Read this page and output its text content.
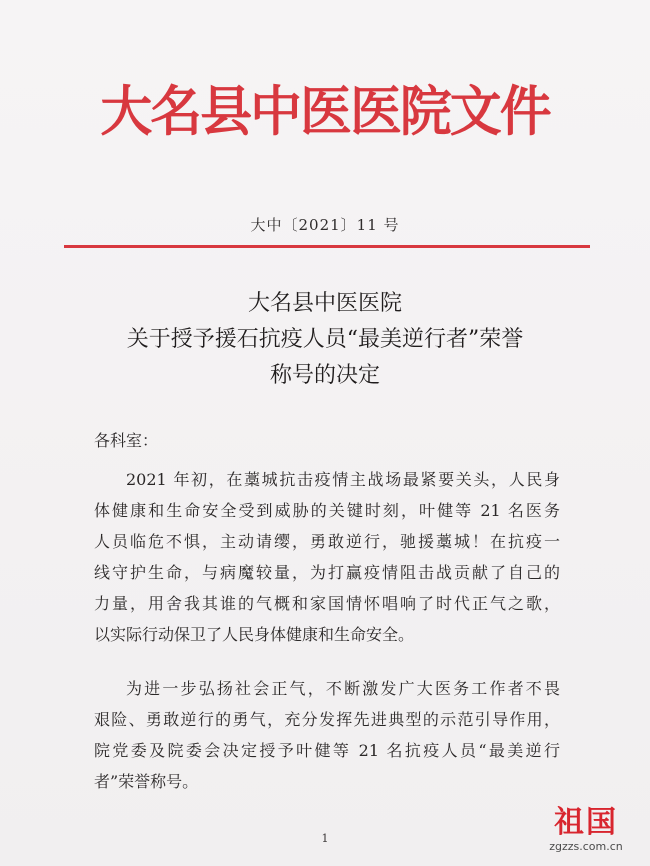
大名县中医医院文件
大中〔2021〕11 号
大名县中医医院
关于授予援石抗疫人员“最美逆行者”荣誉
称号的决定
各科室：
2021 年初，在藁城抗击疫情主战场最紧要关头，人民身
体健康和生命安全受到威胁的关键时刻，叶健等 21 名医务
人员临危不惧，主动请缨，勇敢逆行，驰援藁城！在抗疫一
线守护生命，与病魔较量，为打赢疫情阻击战贡献了自己的
力量，用舍我其谁的气概和家国情怀唱响了时代正气之歌，
以实际行动保卫了人民身体健康和生命安全。
为进一步弘扬社会正气，不断激发广大医务工作者不畏
艰险、勇敢逆行的勇气，充分发挥先进典型的示范引导作用，
院党委及院委会决定授予叶健等 21 名抗疫人员“最美逆行
者”荣誉称号。
1	祖国
zgzzs.com.cn
